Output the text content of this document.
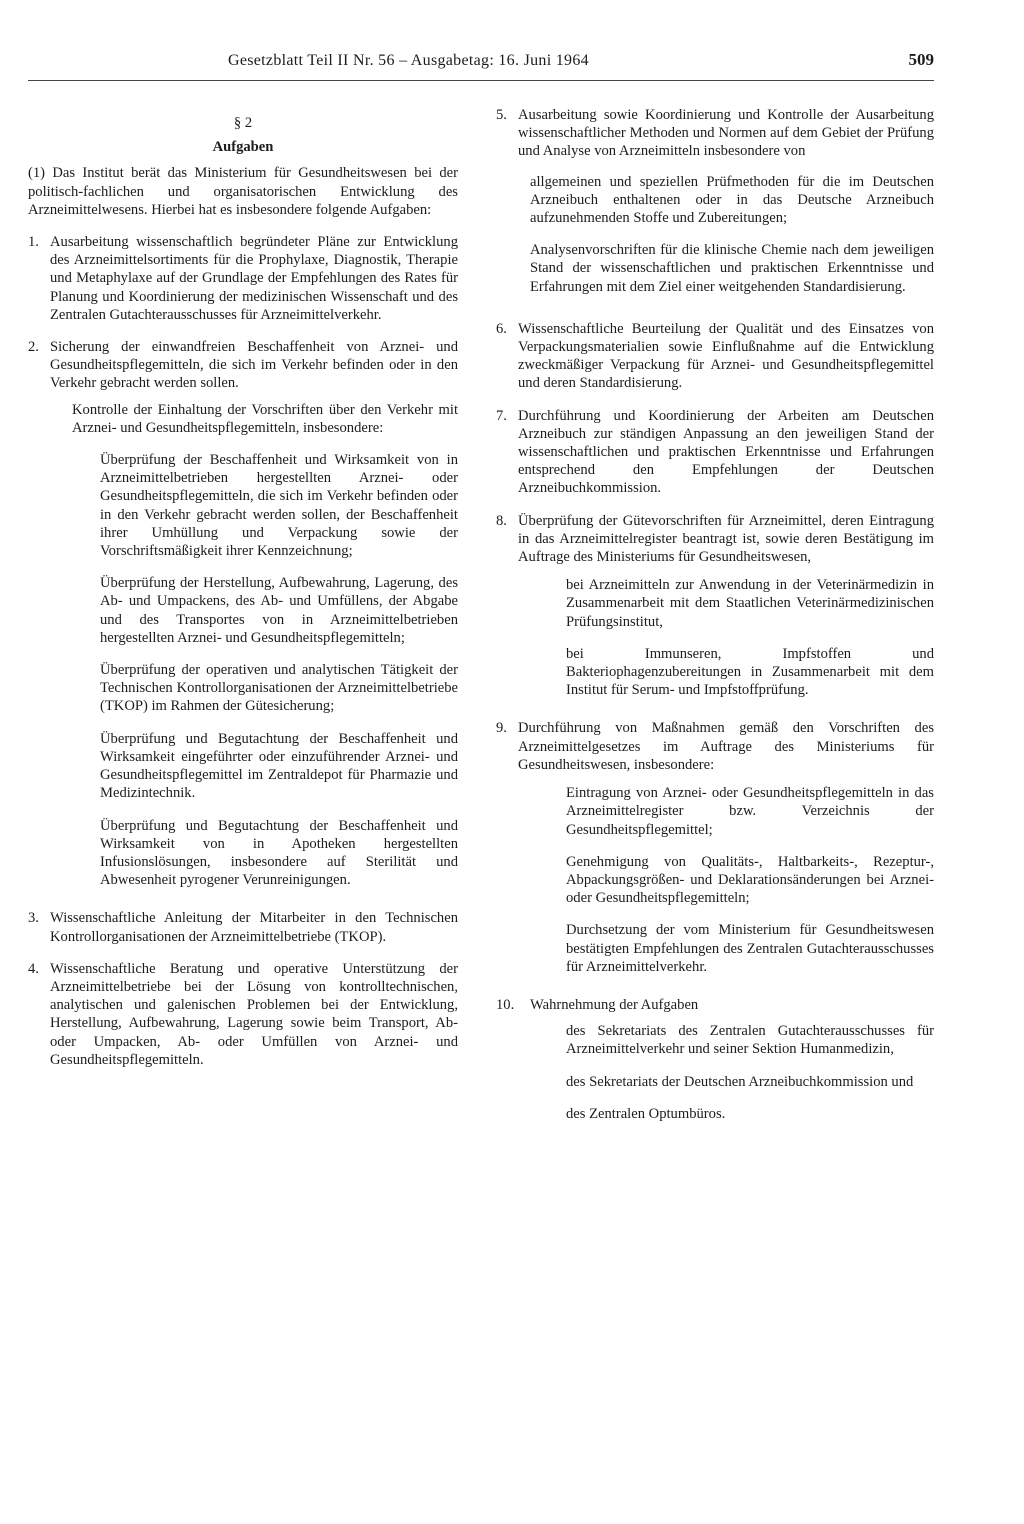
Gesetzblatt Teil II Nr. 56 – Ausgabetag: 16. Juni 1964	509

§ 2

Aufgaben

(1) Das Institut berät das Ministerium für Gesundheitswesen bei der politisch-fachlichen und organisatorischen Entwicklung des Arzneimittelwesens. Hierbei hat es insbesondere folgende Aufgaben:

1. Ausarbeitung wissenschaftlich begründeter Pläne zur Entwicklung des Arzneimittelsortiments für die Prophylaxe, Diagnostik, Therapie und Metaphylaxe auf der Grundlage der Empfehlungen des Rates für Planung und Koordinierung der medizinischen Wissenschaft und des Zentralen Gutachterausschusses für Arzneimittelverkehr.

2. Sicherung der einwandfreien Beschaffenheit von Arznei- und Gesundheitspflegemitteln, die sich im Verkehr befinden oder in den Verkehr gebracht werden sollen.

Kontrolle der Einhaltung der Vorschriften über den Verkehr mit Arznei- und Gesundheitspflegemitteln, insbesondere:

Überprüfung der Beschaffenheit und Wirksamkeit von in Arzneimittelbetrieben hergestellten Arznei- oder Gesundheitspflegemitteln, die sich im Verkehr befinden oder in den Verkehr gebracht werden sollen, der Beschaffenheit ihrer Umhüllung und Verpackung sowie der Vorschriftsmäßigkeit ihrer Kennzeichnung;

Überprüfung der Herstellung, Aufbewahrung, Lagerung, des Ab- und Umpackens, des Ab- und Umfüllens, der Abgabe und des Transportes von in Arzneimittelbetrieben hergestellten Arznei- und Gesundheitspflegemitteln;

Überprüfung der operativen und analytischen Tätigkeit der Technischen Kontrollorganisationen der Arzneimittelbetriebe (TKOP) im Rahmen der Gütesicherung;

Überprüfung und Begutachtung der Beschaffenheit und Wirksamkeit eingeführter oder einzuführender Arznei- und Gesundheitspflegemittel im Zentraldepot für Pharmazie und Medizintechnik.

Überprüfung und Begutachtung der Beschaffenheit und Wirksamkeit von in Apotheken hergestellten Infusionslösungen, insbesondere auf Sterilität und Abwesenheit pyrogener Verunreinigungen.

3. Wissenschaftliche Anleitung der Mitarbeiter in den Technischen Kontrollorganisationen der Arzneimittelbetriebe (TKOP).

4. Wissenschaftliche Beratung und operative Unterstützung der Arzneimittelbetriebe bei der Lösung von kontrolltechnischen, analytischen und galenischen Problemen bei der Entwicklung, Herstellung, Aufbewahrung, Lagerung sowie beim Transport, Ab- oder Umpacken, Ab- oder Umfüllen von Arznei- und Gesundheitspflegemitteln.

5. Ausarbeitung sowie Koordinierung und Kontrolle der Ausarbeitung wissenschaftlicher Methoden und Normen auf dem Gebiet der Prüfung und Analyse von Arzneimitteln insbesondere von

allgemeinen und speziellen Prüfmethoden für die im Deutschen Arzneibuch enthaltenen oder in das Deutsche Arzneibuch aufzunehmenden Stoffe und Zubereitungen;

Analysenvorschriften für die klinische Chemie nach dem jeweiligen Stand der wissenschaftlichen und praktischen Erkenntnisse und Erfahrungen mit dem Ziel einer weitgehenden Standardisierung.

6. Wissenschaftliche Beurteilung der Qualität und des Einsatzes von Verpackungsmaterialien sowie Einflußnahme auf die Entwicklung zweckmäßiger Verpackung für Arznei- und Gesundheitspflegemittel und deren Standardisierung.

7. Durchführung und Koordinierung der Arbeiten am Deutschen Arzneibuch zur ständigen Anpassung an den jeweiligen Stand der wissenschaftlichen und praktischen Erkenntnisse und Erfahrungen entsprechend den Empfehlungen der Deutschen Arzneibuchkommission.

8. Überprüfung der Gütevorschriften für Arzneimittel, deren Eintragung in das Arzneimittelregister beantragt ist, sowie deren Bestätigung im Auftrage des Ministeriums für Gesundheitswesen,

bei Arzneimitteln zur Anwendung in der Veterinärmedizin in Zusammenarbeit mit dem Staatlichen Veterinärmedizinischen Prüfungsinstitut,

bei Immunseren, Impfstoffen und Bakteriophagenzubereitungen in Zusammenarbeit mit dem Institut für Serum- und Impfstoffprüfung.

9. Durchführung von Maßnahmen gemäß den Vorschriften des Arzneimittelgesetzes im Auftrage des Ministeriums für Gesundheitswesen, insbesondere:

Eintragung von Arznei- oder Gesundheitspflegemitteln in das Arzneimittelregister bzw. Verzeichnis der Gesundheitspflegemittel;

Genehmigung von Qualitäts-, Haltbarkeits-, Rezeptur-, Abpackungsgrößen- und Deklarationsänderungen bei Arznei- oder Gesundheitspflegemitteln;

Durchsetzung der vom Ministerium für Gesundheitswesen bestätigten Empfehlungen des Zentralen Gutachterausschusses für Arzneimittelverkehr.

10.	Wahrnehmung der Aufgaben

des Sekretariats des Zentralen Gutachterausschusses für Arzneimittelverkehr und seiner Sektion Humanmedizin,

des Sekretariats der Deutschen Arzneibuchkommission und

des Zentralen Optumbüros.
